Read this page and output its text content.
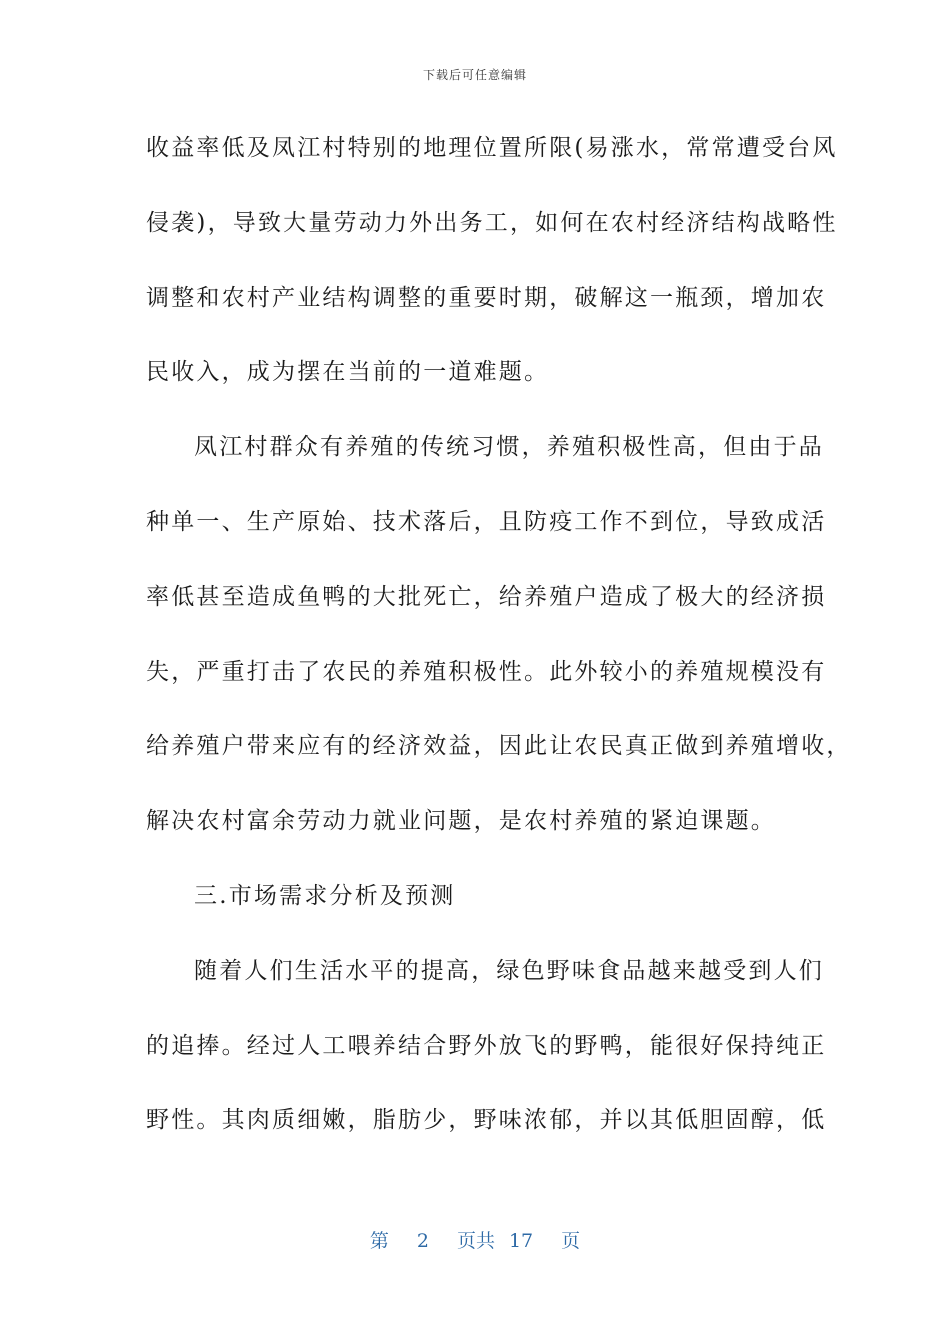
下载后可任意编辑
收益率低及凤江村特别的地理位置所限(易涨水，常常遭受台风
侵袭)，导致大量劳动力外出务工，如何在农村经济结构战略性
调整和农村产业结构调整的重要时期，破解这一瓶颈，增加农
民收入，成为摆在当前的一道难题。
凤江村群众有养殖的传统习惯，养殖积极性高，但由于品
种单一、生产原始、技术落后，且防疫工作不到位，导致成活
率低甚至造成鱼鸭的大批死亡，给养殖户造成了极大的经济损
失，严重打击了农民的养殖积极性。此外较小的养殖规模没有
给养殖户带来应有的经济效益，因此让农民真正做到养殖增收，
解决农村富余劳动力就业问题，是农村养殖的紧迫课题。
三.市场需求分析及预测
随着人们生活水平的提高，绿色野味食品越来越受到人们
的追捧。经过人工喂养结合野外放飞的野鸭，能很好保持纯正
野性。其肉质细嫩，脂肪少，野味浓郁，并以其低胆固醇，低
第 2 页共 17 页
